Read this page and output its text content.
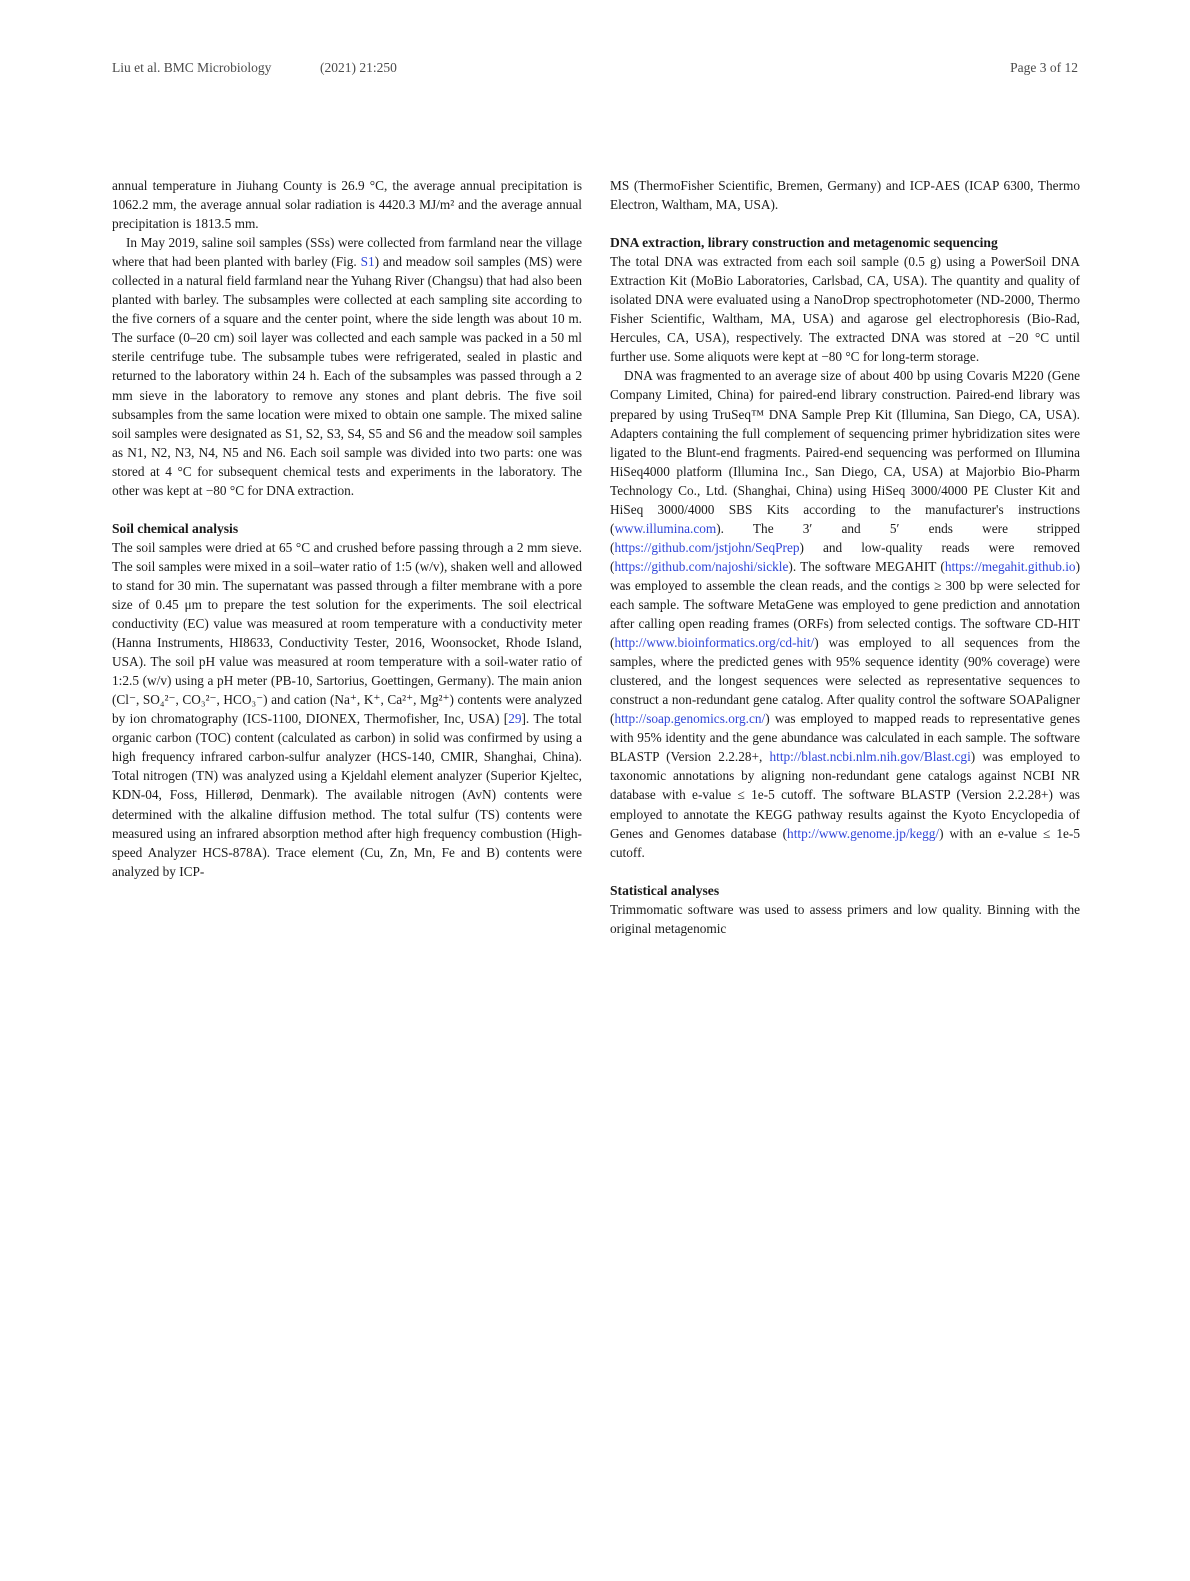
Liu et al. BMC Microbiology	(2021) 21:250	Page 3 of 12

annual temperature in Jiuhang County is 26.9 °C, the average annual precipitation is 1062.2 mm, the average annual solar radiation is 4420.3 MJ/m² and the average annual precipitation is 1813.5 mm.

In May 2019, saline soil samples (SSs) were collected from farmland near the village where that had been planted with barley (Fig. S1) and meadow soil samples (MS) were collected in a natural field farmland near the Yuhang River (Changsu) that had also been planted with barley. The subsamples were collected at each sampling site according to the five corners of a square and the center point, where the side length was about 10 m. The surface (0–20 cm) soil layer was collected and each sample was packed in a 50 ml sterile centrifuge tube. The subsample tubes were refrigerated, sealed in plastic and returned to the laboratory within 24 h. Each of the subsamples was passed through a 2 mm sieve in the laboratory to remove any stones and plant debris. The five soil subsamples from the same location were mixed to obtain one sample. The mixed saline soil samples were designated as S1, S2, S3, S4, S5 and S6 and the meadow soil samples as N1, N2, N3, N4, N5 and N6. Each soil sample was divided into two parts: one was stored at 4 °C for subsequent chemical tests and experiments in the laboratory. The other was kept at −80 °C for DNA extraction.

Soil chemical analysis

The soil samples were dried at 65 °C and crushed before passing through a 2 mm sieve. The soil samples were mixed in a soil–water ratio of 1:5 (w/v), shaken well and allowed to stand for 30 min. The supernatant was passed through a filter membrane with a pore size of 0.45 μm to prepare the test solution for the experiments. The soil electrical conductivity (EC) value was measured at room temperature with a conductivity meter (Hanna Instruments, HI8633, Conductivity Tester, 2016, Woonsocket, Rhode Island, USA). The soil pH value was measured at room temperature with a soil-water ratio of 1:2.5 (w/v) using a pH meter (PB-10, Sartorius, Goettingen, Germany). The main anion (Cl⁻, SO₄²⁻, CO₃²⁻, HCO₃⁻) and cation (Na⁺, K⁺, Ca²⁺, Mg²⁺) contents were analyzed by ion chromatography (ICS-1100, DIONEX, Thermofisher, Inc, USA) [29]. The total organic carbon (TOC) content (calculated as carbon) in solid was confirmed by using a high frequency infrared carbon-sulfur analyzer (HCS-140, CMIR, Shanghai, China). Total nitrogen (TN) was analyzed using a Kjeldahl element analyzer (Superior Kjeltec, KDN-04, Foss, Hillerød, Denmark). The available nitrogen (AvN) contents were determined with the alkaline diffusion method. The total sulfur (TS) contents were measured using an infrared absorption method after high frequency combustion (High-speed Analyzer HCS-878A). Trace element (Cu, Zn, Mn, Fe and B) contents were analyzed by ICP-

MS (ThermoFisher Scientific, Bremen, Germany) and ICP-AES (ICAP 6300, Thermo Electron, Waltham, MA, USA).

DNA extraction, library construction and metagenomic sequencing

The total DNA was extracted from each soil sample (0.5 g) using a PowerSoil DNA Extraction Kit (MoBio Laboratories, Carlsbad, CA, USA). The quantity and quality of isolated DNA were evaluated using a NanoDrop spectrophotometer (ND-2000, Thermo Fisher Scientific, Waltham, MA, USA) and agarose gel electrophoresis (Bio-Rad, Hercules, CA, USA), respectively. The extracted DNA was stored at −20 °C until further use. Some aliquots were kept at −80 °C for long-term storage.

DNA was fragmented to an average size of about 400 bp using Covaris M220 (Gene Company Limited, China) for paired-end library construction. Paired-end library was prepared by using TruSeq™ DNA Sample Prep Kit (Illumina, San Diego, CA, USA). Adapters containing the full complement of sequencing primer hybridization sites were ligated to the Blunt-end fragments. Paired-end sequencing was performed on Illumina HiSeq4000 platform (Illumina Inc., San Diego, CA, USA) at Majorbio Bio-Pharm Technology Co., Ltd. (Shanghai, China) using HiSeq 3000/4000 PE Cluster Kit and HiSeq 3000/4000 SBS Kits according to the manufacturer's instructions (www.illumina.com). The 3′ and 5′ ends were stripped (https://github.com/jstjohn/SeqPrep) and low-quality reads were removed (https://github.com/najoshi/sickle). The software MEGAHIT (https://megahit.github.io) was employed to assemble the clean reads, and the contigs ≥ 300 bp were selected for each sample. The software MetaGene was employed to gene prediction and annotation after calling open reading frames (ORFs) from selected contigs. The software CD-HIT (http://www.bioinformatics.org/cd-hit/) was employed to all sequences from the samples, where the predicted genes with 95% sequence identity (90% coverage) were clustered, and the longest sequences were selected as representative sequences to construct a non-redundant gene catalog. After quality control the software SOAPaligner (http://soap.genomics.org.cn/) was employed to mapped reads to representative genes with 95% identity and the gene abundance was calculated in each sample. The software BLASTP (Version 2.2.28+, http://blast.ncbi.nlm.nih.gov/Blast.cgi) was employed to taxonomic annotations by aligning non-redundant gene catalogs against NCBI NR database with e-value ≤ 1e-5 cutoff. The software BLASTP (Version 2.2.28+) was employed to annotate the KEGG pathway results against the Kyoto Encyclopedia of Genes and Genomes database (http://www.genome.jp/kegg/) with an e-value ≤ 1e-5 cutoff.

Statistical analyses

Trimmomatic software was used to assess primers and low quality. Binning with the original metagenomic
